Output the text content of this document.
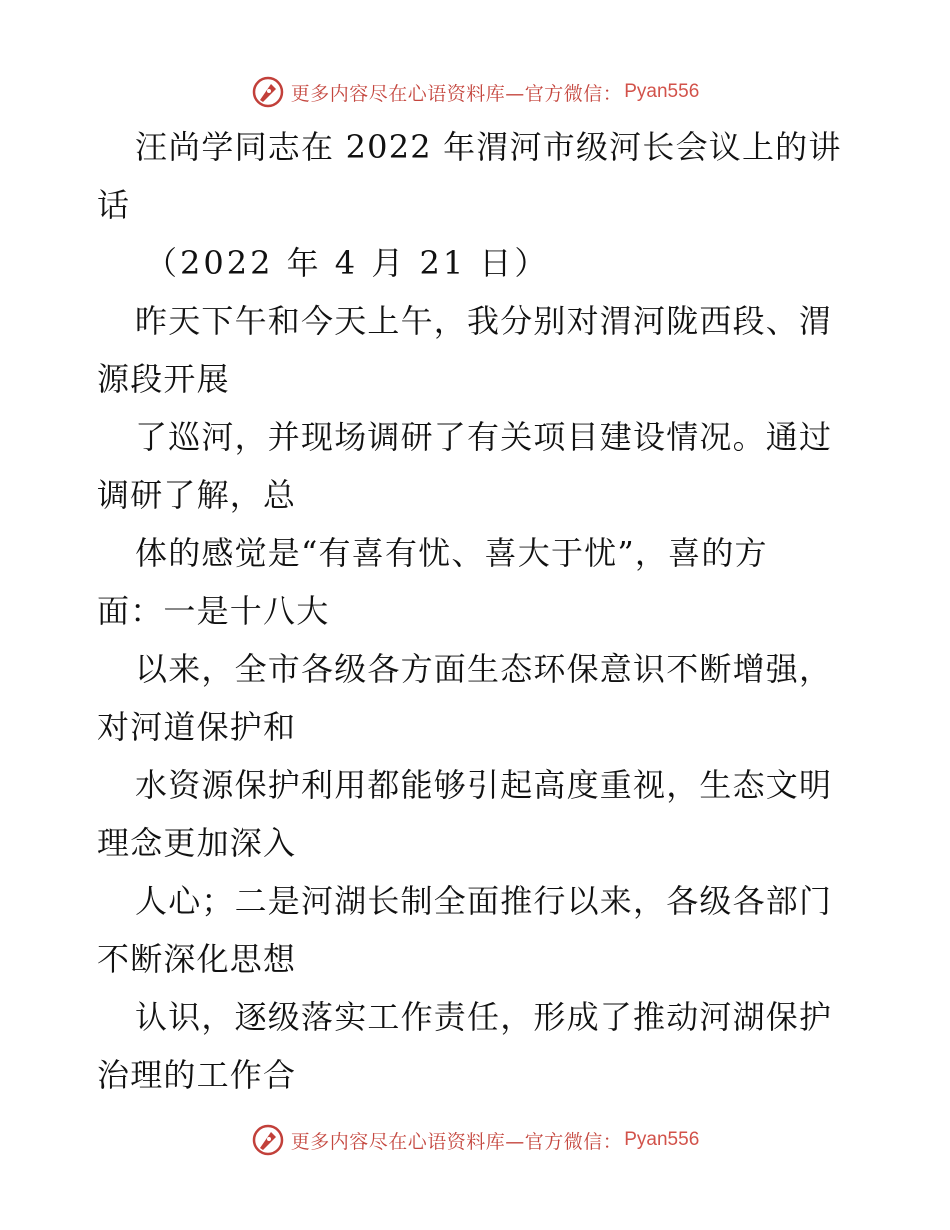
更多内容尽在心语资料库—官方微信： Pyan556
汪尚学同志在 2022 年渭河市级河长会议上的讲
话
（2022 年 4 月 21 日）
昨天下午和今天上午，我分别对渭河陇西段、渭
源段开展
了巡河，并现场调研了有关项目建设情况。通过
调研了解，总
体的感觉是“有喜有忧、喜大于忧”，喜的方
面：一是十八大
以来，全市各级各方面生态环保意识不断增强，
对河道保护和
水资源保护利用都能够引起高度重视，生态文明
理念更加深入
人心；二是河湖长制全面推行以来，各级各部门
不断深化思想
认识，逐级落实工作责任，形成了推动河湖保护
治理的工作合
更多内容尽在心语资料库—官方微信： Pyan556
